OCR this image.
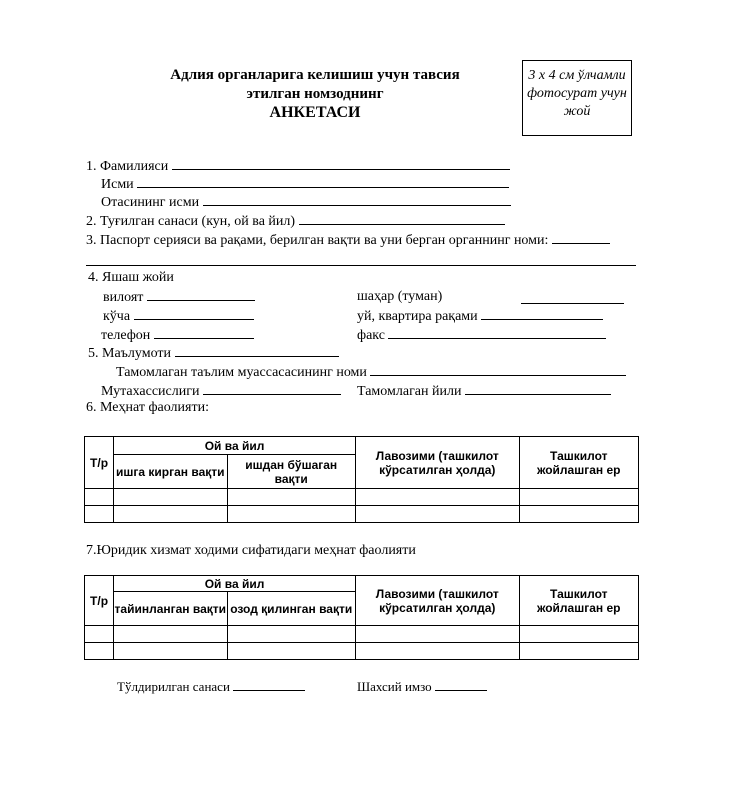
Адлия органларига келишиш учун тавсия
этилган номзоднинг
АНКЕТАСИ
3 x 4 см ўлчамли
фотосурат учун
жой
1. Фамилияси
Исми
Отасининг исми
2. Туғилган санаси (кун, ой ва йил)
3. Паспорт серияси ва рақами, берилган вақти ва уни берган органнинг номи:
4. Яшаш жойи
вилоят	шаҳар (туман)
кўча	уй, квартира рақами
телефон	факс
5. Маълумоти
Тамомлаган таълим муассасасининг номи
Мутахассислиги	Тамомлаган йили
6. Меҳнат фаолияти:
Т/р	Ой ва йил		Лавозими (ташкилот кўрсатилган ҳолда)	Ташкилот жойлашган ер
	ишга кирган вақти	ишдан бўшаган вақти		

7.Юридик хизмат ходими сифатидаги меҳнат фаолияти
Т/р	Ой ва йил		Лавозими (ташкилот кўрсатилган ҳолда)	Ташкилот жойлашган ер
	тайинланган вақти	озод қилинган вақти		

Тўлдирилган санаси	Шахсий имзо
